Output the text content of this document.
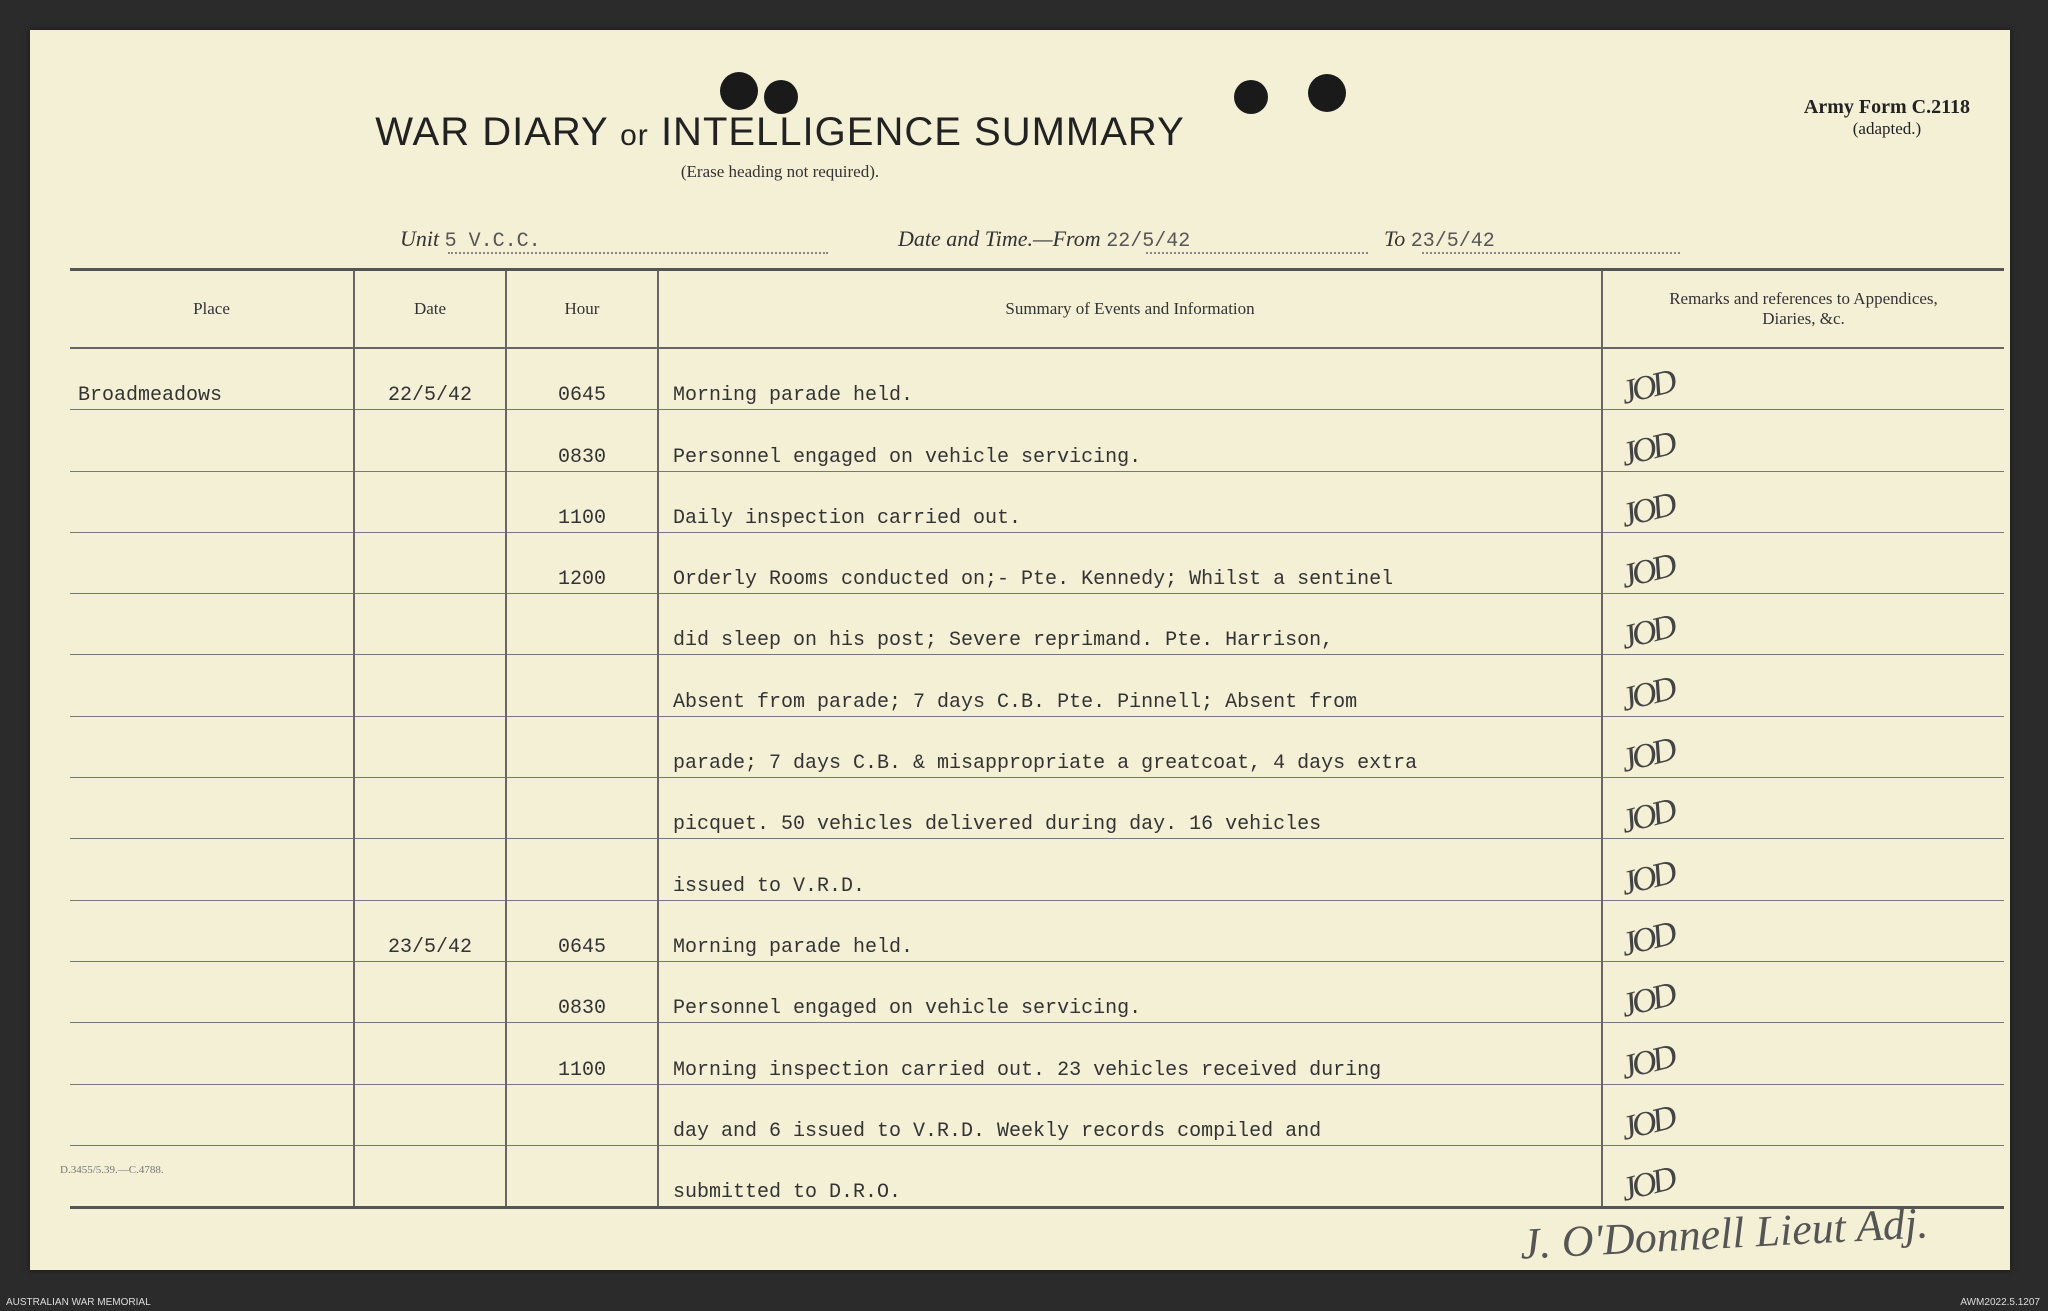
WAR DIARY or INTELLIGENCE SUMMARY
(Erase heading not required).
Army Form C.2118
(adapted.)
Unit 5 V.C.C.	Date and Time.—From 22/5/42	To 23/5/42
Place	Date	Hour	Summary of Events and Information	Remarks and references to Appendices, Diaries, &c.
Broadmeadows	22/5/42	0645	Morning parade held.	JOD
		0830	Personnel engaged on vehicle servicing.	JOD
		1100	Daily inspection carried out.	JOD
		1200	Orderly Rooms conducted on;- Pte. Kennedy; Whilst a sentinel	JOD
			did sleep on his post; Severe reprimand. Pte. Harrison,	JOD
			Absent from parade; 7 days C.B. Pte. Pinnell; Absent from	JOD
			parade; 7 days C.B. & misappropriate a greatcoat, 4 days extra	JOD
			picquet. 50 vehicles delivered during day. 16 vehicles	JOD
			issued to V.R.D.	JOD
	23/5/42	0645	Morning parade held.	JOD
		0830	Personnel engaged on vehicle servicing.	JOD
		1100	Morning inspection carried out. 23 vehicles received during	JOD
			day and 6 issued to V.R.D. Weekly records compiled and	JOD
			submitted to D.R.O.	JOD
D.3455/5.39.—C.4788.
J. O'Donnell Lieut Adj.
AUSTRALIAN WAR MEMORIAL	AWM2022.5.1207
